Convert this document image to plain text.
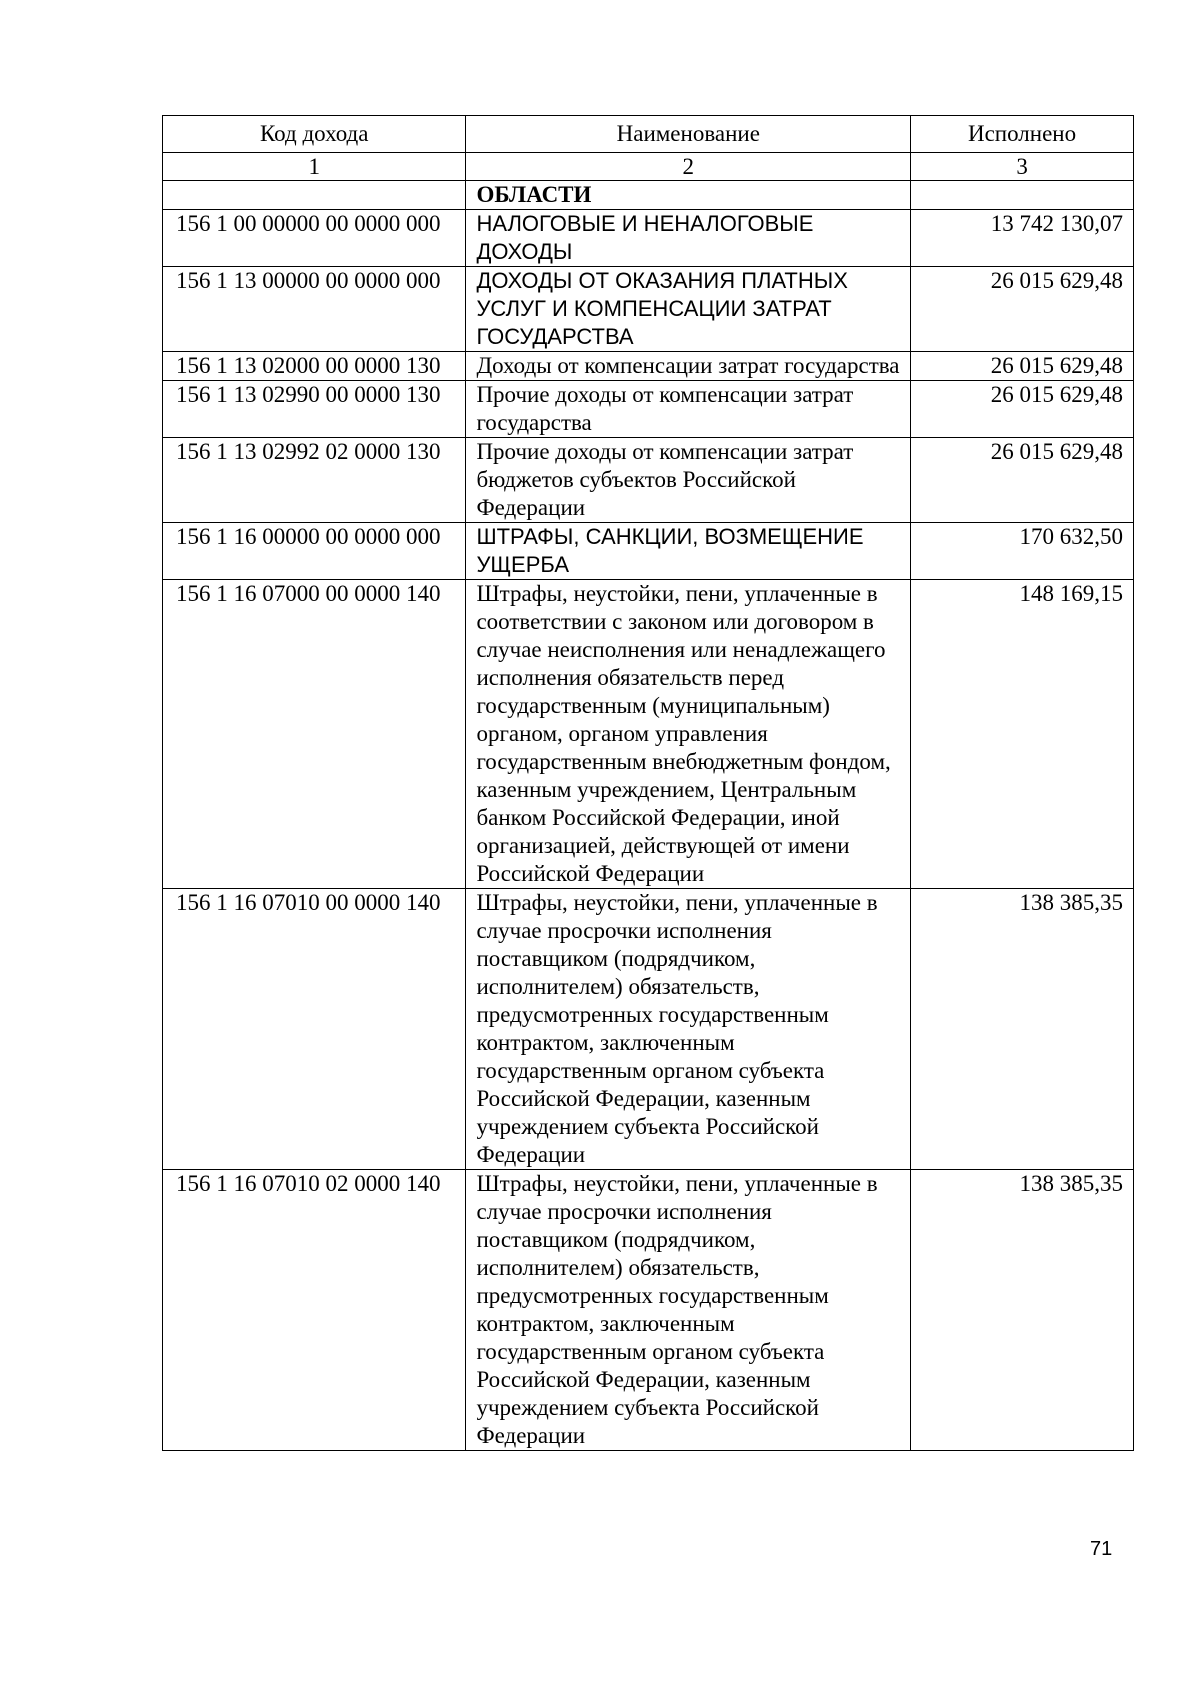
Код дохода	Наименование	Исполнено
1	2	3
	ОБЛАСТИ	
156 1 00 00000 00 0000 000	НАЛОГОВЫЕ И НЕНАЛОГОВЫЕ ДОХОДЫ	13 742 130,07
156 1 13 00000 00 0000 000	ДОХОДЫ ОТ ОКАЗАНИЯ ПЛАТНЫХ УСЛУГ И КОМПЕНСАЦИИ ЗАТРАТ ГОСУДАРСТВА	26 015 629,48
156 1 13 02000 00 0000 130	Доходы от компенсации затрат государства	26 015 629,48
156 1 13 02990 00 0000 130	Прочие доходы от компенсации затрат государства	26 015 629,48
156 1 13 02992 02 0000 130	Прочие доходы от компенсации затрат бюджетов субъектов Российской Федерации	26 015 629,48
156 1 16 00000 00 0000 000	ШТРАФЫ, САНКЦИИ, ВОЗМЕЩЕНИЕ УЩЕРБА	170 632,50
156 1 16 07000 00 0000 140	Штрафы, неустойки, пени, уплаченные в соответствии с законом или договором в случае неисполнения или ненадлежащего исполнения обязательств перед государственным (муниципальным) органом, органом управления государственным внебюджетным фондом, казенным учреждением, Центральным банком Российской Федерации, иной организацией, действующей от имени Российской Федерации	148 169,15
156 1 16 07010 00 0000 140	Штрафы, неустойки, пени, уплаченные в случае просрочки исполнения поставщиком (подрядчиком, исполнителем) обязательств, предусмотренных государственным контрактом, заключенным государственным органом субъекта Российской Федерации, казенным учреждением субъекта Российской Федерации	138 385,35
156 1 16 07010 02 0000 140	Штрафы, неустойки, пени, уплаченные в случае просрочки исполнения поставщиком (подрядчиком, исполнителем) обязательств, предусмотренных государственным контрактом, заключенным государственным органом субъекта Российской Федерации, казенным учреждением субъекта Российской Федерации	138 385,35
71
